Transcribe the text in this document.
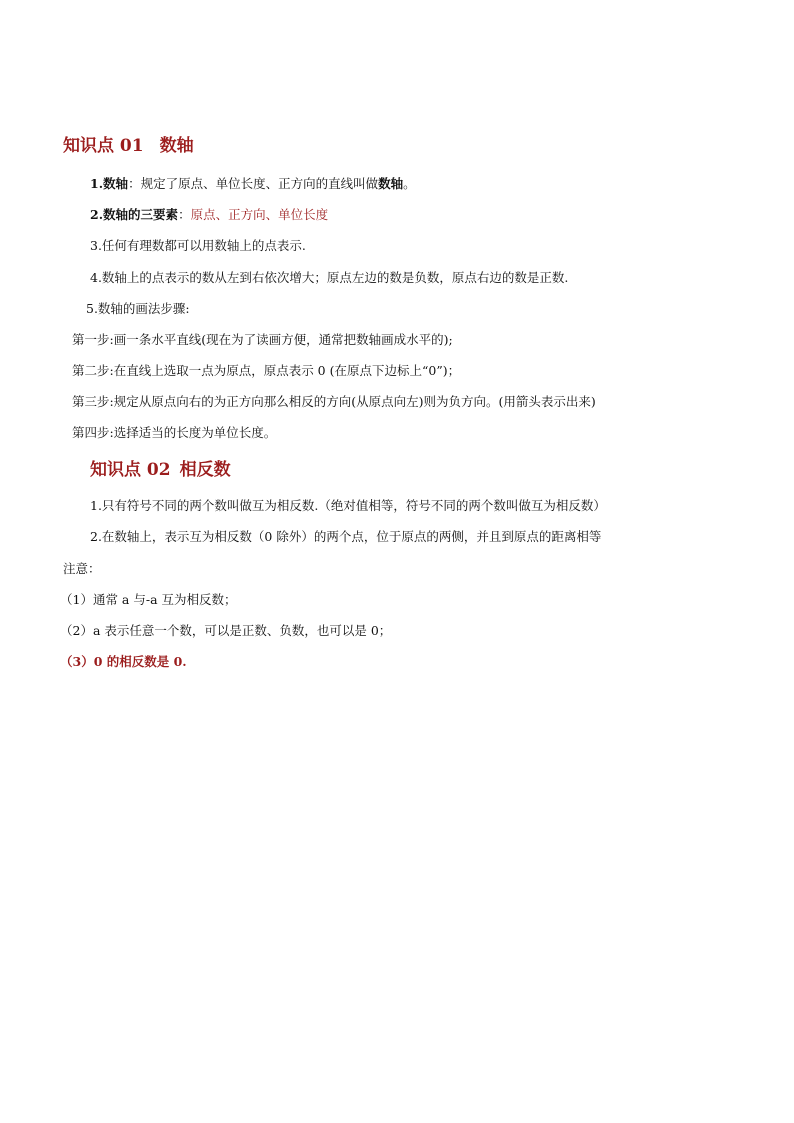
知识点 01 数轴
1.数轴：规定了原点、单位长度、正方向的直线叫做数轴。
2.数轴的三要素：原点、正方向、单位长度
3.任何有理数都可以用数轴上的点表示.
4.数轴上的点表示的数从左到右依次增大；原点左边的数是负数，原点右边的数是正数.
5.数轴的画法步骤:
第一步:画一条水平直线(现在为了读画方便，通常把数轴画成水平的);
第二步:在直线上选取一点为原点，原点表示 0 (在原点下边标上“0”)；
第三步:规定从原点向右的为正方向那么相反的方向(从原点向左)则为负方向。(用箭头表示出来)
第四步:选择适当的长度为单位长度。
知识点 02 相反数
1.只有符号不同的两个数叫做互为相反数.（绝对值相等，符号不同的两个数叫做互为相反数）
2.在数轴上，表示互为相反数（0 除外）的两个点，位于原点的两侧，并且到原点的距离相等
注意：
（1）通常 a 与-a 互为相反数；
（2）a 表示任意一个数，可以是正数、负数，也可以是 0；
（3）0 的相反数是 0.
